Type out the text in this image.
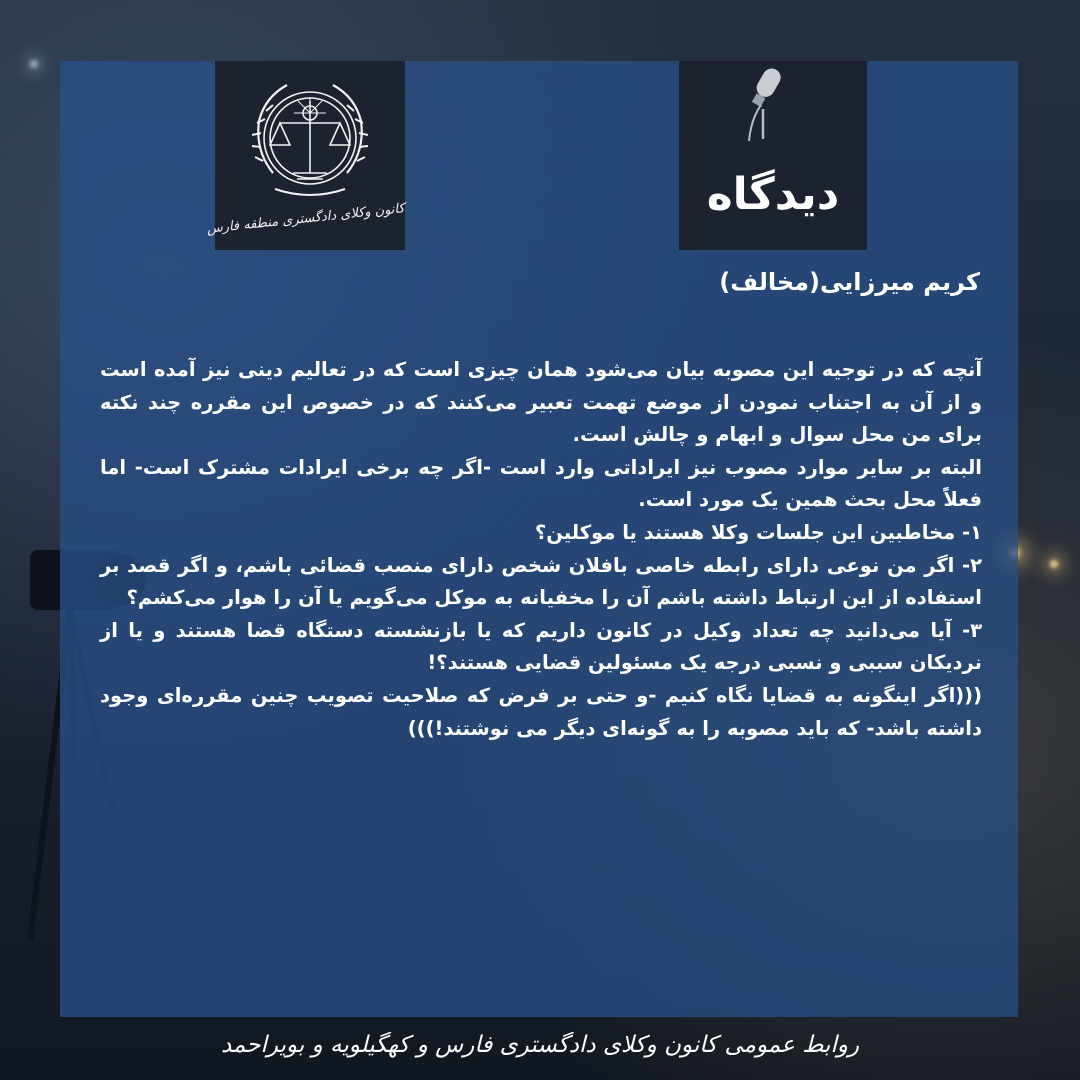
کانون وکلای دادگستری منطقه فارس	دیدگاه
کریم میرزایی(مخالف)

آنچه که در توجیه این مصوبه بیان می‌شود همان چیزی است که در تعالیم دینی نیز آمده است و از آن به اجتناب نمودن از موضع تهمت تعبیر می‌کنند که در خصوص این مقرره چند نکته برای من محل سوال و ابهام و چالش است.

البته بر سایر موارد مصوب نیز ایراداتی وارد است -اگر چه برخی ایرادات مشترک است- اما فعلاً محل بحث همین یک مورد است.

۱- مخاطبین این جلسات وکلا هستند یا موکلین؟

۲- اگر من نوعی دارای رابطه خاصی بافلان شخص دارای منصب قضائی باشم، و اگر قصد بر استفاده از این ارتباط داشته باشم آن را مخفیانه به موکل می‌گویم یا آن را هوار می‌کشم؟

۳- آیا می‌دانید چه تعداد وکیل در کانون داریم که یا بازنشسته دستگاه قضا هستند و یا از نردیکان سببی و نسبی درجه یک مسئولین قضایی هستند؟!

(((اگر اینگونه به قضایا نگاه کنیم -و حتی بر فرض که صلاحیت تصویب چنین مقرره‌ای وجود داشته باشد- که باید مصوبه را به گونه‌ای دیگر می نوشتند!)))

روابط عمومی کانون وکلای دادگستری فارس و کهگیلویه و بویراحمد
